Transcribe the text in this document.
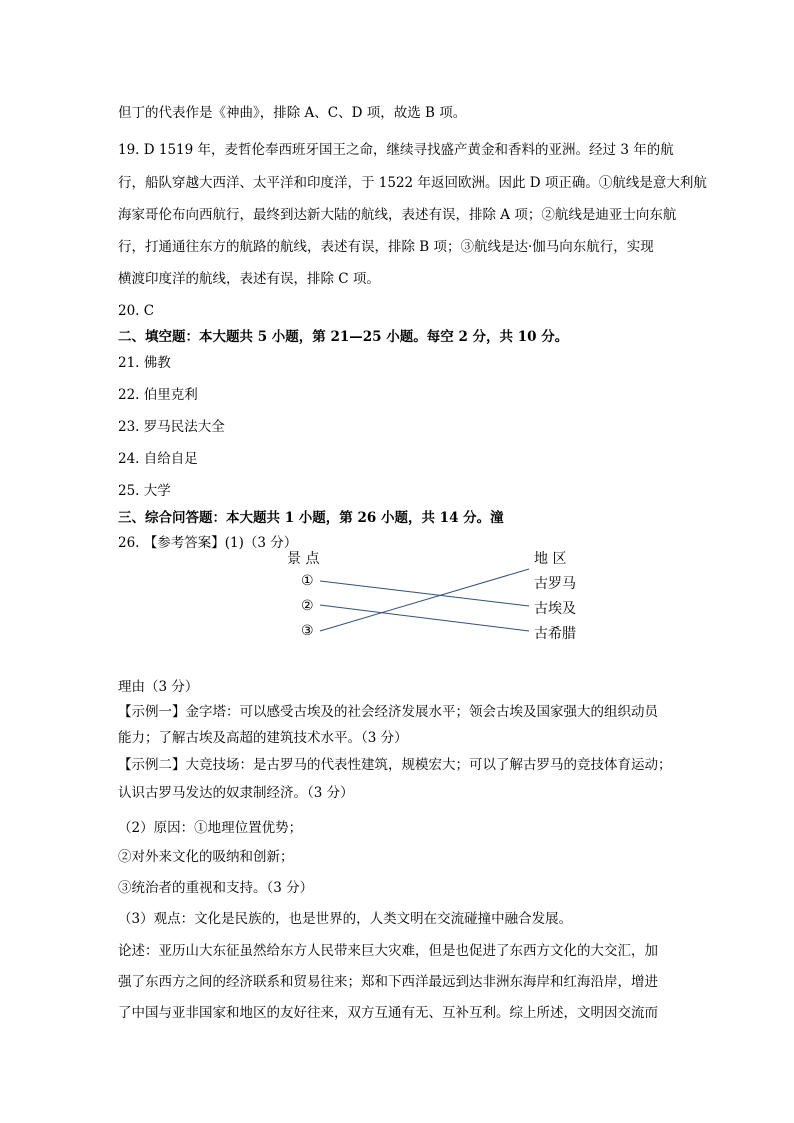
但丁的代表作是《神曲》，排除 A、C、D 项，故选 B 项。
19. D 1519 年，麦哲伦奉西班牙国王之命，继续寻找盛产黄金和香料的亚洲。经过 3 年的航
行，船队穿越大西洋、太平洋和印度洋，于 1522 年返回欧洲。因此 D 项正确。①航线是意大利航
海家哥伦布向西航行，最终到达新大陆的航线，表述有误，排除 A 项；②航线是迪亚士向东航
行，打通通往东方的航路的航线，表述有误，排除 B 项；③航线是达·伽马向东航行，实现
横渡印度洋的航线，表述有误，排除 C 项。
20. C
二、填空题：本大题共 5 小题，第 21—25 小题。每空 2 分，共 10 分。
21. 佛教
22. 伯里克利
23. 罗马民法大全
24. 自给自足
25. 大学
三、综合问答题：本大题共 1 小题，第 26 小题，共 14 分。潼
26. 【参考答案】(1)（3 分）
景 点	地 区
①
②
③
古罗马
古埃及
古希腊
理由（3 分）
【示例一】金字塔：可以感受古埃及的社会经济发展水平；领会古埃及国家强大的组织动员
能力；了解古埃及高超的建筑技术水平。（3 分）
【示例二】大竞技场：是古罗马的代表性建筑，规模宏大；可以了解古罗马的竞技体育运动；
认识古罗马发达的奴隶制经济。（3 分）
（2）原因：①地理位置优势；
②对外来文化的吸纳和创新；
③统治者的重视和支持。（3 分）
（3）观点：文化是民族的，也是世界的，人类文明在交流碰撞中融合发展。
论述：亚历山大东征虽然给东方人民带来巨大灾难，但是也促进了东西方文化的大交汇，加
强了东西方之间的经济联系和贸易往来；郑和下西洋最远到达非洲东海岸和红海沿岸，增进
了中国与亚非国家和地区的友好往来，双方互通有无、互补互利。综上所述，文明因交流而
